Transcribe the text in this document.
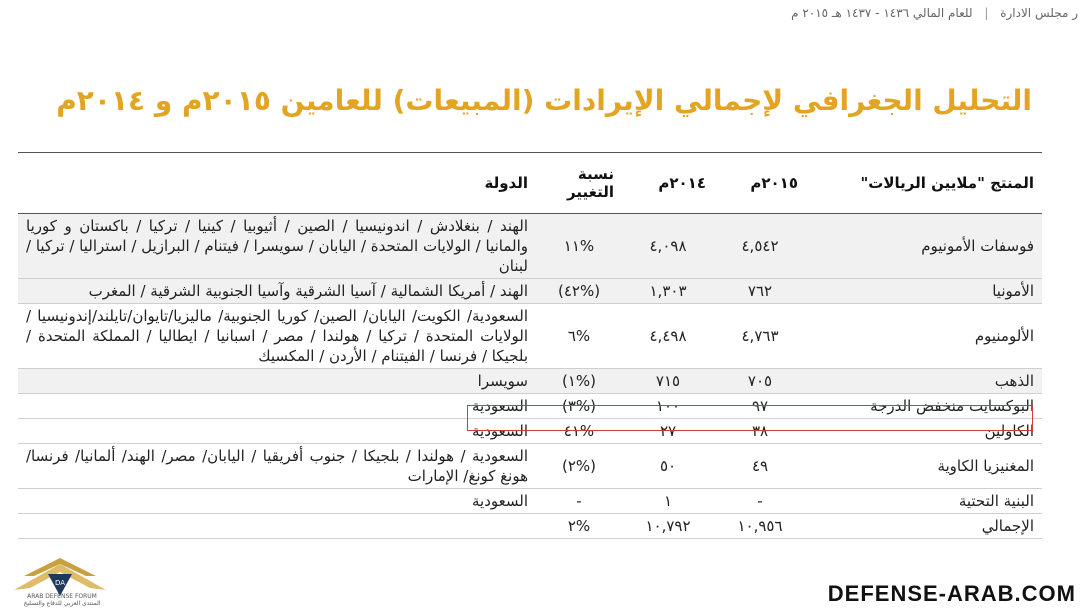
ر مجلس الادارة | للعام المالي ١٤٣٦ - ١٤٣٧ هـ ٢٠١٥ م
التحليل الجغرافي لإجمالي الإيرادات (المبيعات) للعامين ٢٠١٥م و ٢٠١٤م
المنتج "ملايين الريالات"	٢٠١٥م	٢٠١٤م	نسبة التغيير	الدولة
فوسفات الأمونيوم	٤,٥٤٢	٤,٠٩٨	%١١	الهند / بنغلادش / اندونيسيا / الصين / أثيوبيا / كينيا / تركيا / باكستان و كوريا والمانيا / الولايات المتحدة / اليابان / سويسرا / فيتنام / البرازيل / استراليا / تركيا / لبنان
الأمونيا	٧٦٢	١,٣٠٣	(%٤٢)	الهند / أمريكا الشمالية / آسيا الشرقية وآسيا الجنوبية الشرقية / المغرب
الألومنيوم	٤,٧٦٣	٤,٤٩٨	%٦	السعودية/ الكويت/ اليابان/ الصين/ كوريا الجنوبية/ ماليزيا/تايوان/تايلند/إندونيسيا / الولايات المتحدة / تركيا / هولندا / مصر / اسبانيا / ايطاليا / المملكة المتحدة / بلجيكا / فرنسا / الفيتنام / الأردن / المكسيك
الذهب	٧٠٥	٧١٥	(%١)	سويسرا
البوكسايت منخفض الدرجة	٩٧	١٠٠	(%٣)	السعودية
الكاولين	٣٨	٢٧	%٤١	السعودية
المغنيزيا الكاوية	٤٩	٥٠	(%٢)	السعودية / هولندا / بلجيكا / جنوب أفريقيا / اليابان/ مصر/ الهند/ ألمانيا/ فرنسا/ هونغ كونغ/ الإمارات
البنية التحتية	-	١	-	السعودية
الإجمالي	١٠,٩٥٦	١٠,٧٩٢	%٢	
DA
ARAB DEFENSE FORUM
المنتدى العربي للدفاع والتسليح	DEFENSE-ARAB.COM
